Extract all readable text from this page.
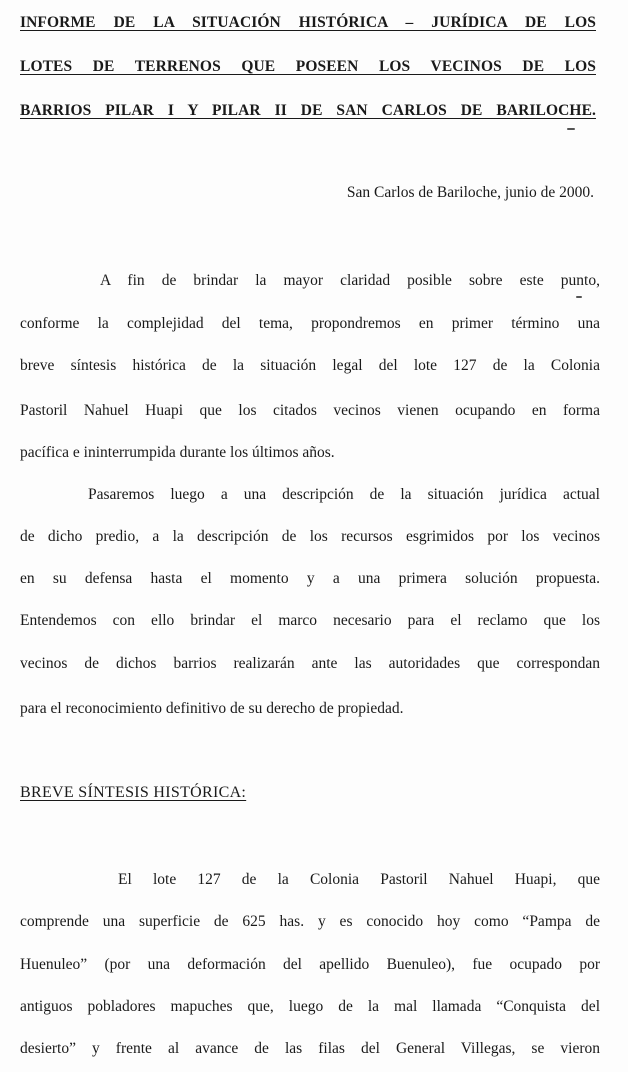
INFORME DE LA SITUACIÓN HISTÓRICA – JURÍDICA DE LOS
LOTES DE TERRENOS QUE POSEEN LOS VECINOS DE LOS
BARRIOS PILAR I Y PILAR II DE SAN CARLOS DE BARILOCHE.
San Carlos de Bariloche, junio de 2000.
A fin de brindar la mayor claridad posible sobre este punto,
conforme la complejidad del tema, propondremos en primer término una
breve síntesis histórica de la situación legal del lote 127 de la Colonia
Pastoril Nahuel Huapi que los citados vecinos vienen ocupando en forma
pacífica e ininterrumpida durante los últimos años.
Pasaremos luego a una descripción de la situación jurídica actual
de dicho predio, a la descripción de los recursos esgrimidos por los vecinos
en su defensa hasta el momento y a una primera solución propuesta.
Entendemos con ello brindar el marco necesario para el reclamo que los
vecinos de dichos barrios realizarán ante las autoridades que correspondan
para el reconocimiento definitivo de su derecho de propiedad.
BREVE SÍNTESIS HISTÓRICA:
El lote 127 de la Colonia Pastoril Nahuel Huapi, que
comprende una superficie de 625 has. y es conocido hoy como “Pampa de
Huenuleo” (por una deformación del apellido Buenuleo), fue ocupado por
antiguos pobladores mapuches que, luego de la mal llamada “Conquista del
desierto” y frente al avance de las filas del General Villegas, se vieron
